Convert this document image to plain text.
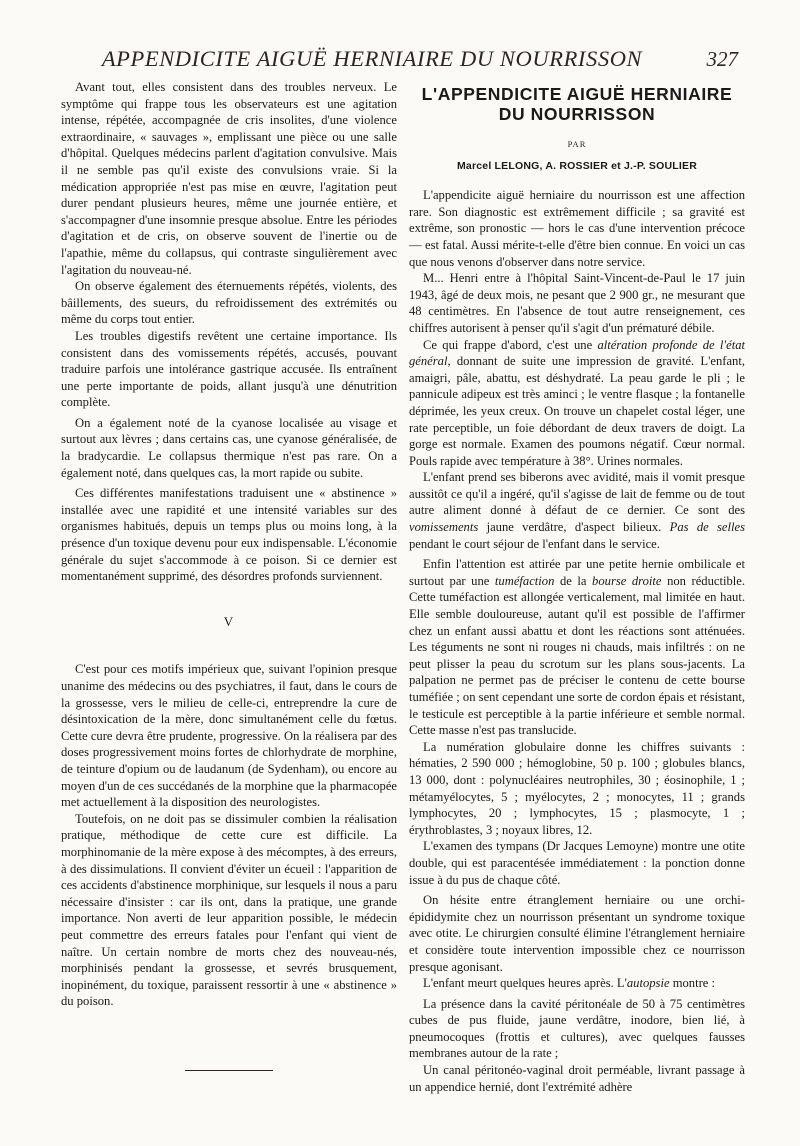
APPENDICITE AIGUË HERNIAIRE DU NOURRISSON	327

Avant tout, elles consistent dans des troubles nerveux. Le symptôme qui frappe tous les observateurs est une agitation intense, répétée, accompagnée de cris insolites, d'une violence extraordinaire, « sauvages », emplissant une pièce ou une salle d'hôpital. Quelques médecins parlent d'agitation convulsive. Mais il ne semble pas qu'il existe des convulsions vraie. Si la médication appropriée n'est pas mise en œuvre, l'agitation peut durer pendant plusieurs heures, même une journée entière, et s'accompagner d'une insomnie presque absolue. Entre les périodes d'agitation et de cris, on observe souvent de l'inertie ou de l'apathie, même du collapsus, qui contraste singulièrement avec l'agitation du nouveau-né.

On observe également des éternuements répétés, violents, des bâillements, des sueurs, du refroidissement des extrémités ou même du corps tout entier.

Les troubles digestifs revêtent une certaine importance. Ils consistent dans des vomissements répétés, accusés, pouvant traduire parfois une intolérance gastrique accusée. Ils entraînent une perte importante de poids, allant jusqu'à une dénutrition complète.

On a également noté de la cyanose localisée au visage et surtout aux lèvres ; dans certains cas, une cyanose généralisée, de la bradycardie. Le collapsus thermique n'est pas rare. On a également noté, dans quelques cas, la mort rapide ou subite.

Ces différentes manifestations traduisent une « abstinence » installée avec une rapidité et une intensité variables sur des organismes habitués, depuis un temps plus ou moins long, à la présence d'un toxique devenu pour eux indispensable. L'économie générale du sujet s'accommode à ce poison. Si ce dernier est momentanément supprimé, des désordres profonds surviennent.

V

C'est pour ces motifs impérieux que, suivant l'opinion presque unanime des médecins ou des psychiatres, il faut, dans le cours de la grossesse, vers le milieu de celle-ci, entreprendre la cure de désintoxication de la mère, donc simultanément celle du fœtus. Cette cure devra être prudente, progressive. On la réalisera par des doses progressivement moins fortes de chlorhydrate de morphine, de teinture d'opium ou de laudanum (de Sydenham), ou encore au moyen d'un de ces succédanés de la morphine que la pharmacopée met actuellement à la disposition des neurologistes.

Toutefois, on ne doit pas se dissimuler combien la réalisation pratique, méthodique de cette cure est difficile. La morphinomanie de la mère expose à des mécomptes, à des erreurs, à des dissimulations. Il convient d'éviter un écueil : l'apparition de ces accidents d'abstinence morphinique, sur lesquels il nous a paru nécessaire d'insister : car ils ont, dans la pratique, une grande importance. Non averti de leur apparition possible, le médecin peut commettre des erreurs fatales pour l'enfant qui vient de naître. Un certain nombre de morts chez des nouveau-nés, morphinisés pendant la grossesse, et sevrés brusquement, inopinément, du toxique, paraissent ressortir à une « abstinence » du poison.

L'APPENDICITE AIGUË HERNIAIRE DU NOURRISSON
PAR
Marcel LELONG, A. ROSSIER et J.-P. SOULIER

L'appendicite aiguë herniaire du nourrisson est une affection rare. Son diagnostic est extrêmement difficile ; sa gravité est extrême, son pronostic — hors le cas d'une intervention précoce — est fatal. Aussi mérite-t-elle d'être bien connue. En voici un cas que nous venons d'observer dans notre service.

M... Henri entre à l'hôpital Saint-Vincent-de-Paul le 17 juin 1943, âgé de deux mois, ne pesant que 2 900 gr., ne mesurant que 48 centimètres. En l'absence de tout autre renseignement, ces chiffres autorisent à penser qu'il s'agit d'un prématuré débile.

Ce qui frappe d'abord, c'est une altération profonde de l'état général, donnant de suite une impression de gravité. L'enfant, amaigri, pâle, abattu, est déshydraté. La peau garde le pli ; le pannicule adipeux est très aminci ; le ventre flasque ; la fontanelle déprimée, les yeux creux. On trouve un chapelet costal léger, une rate perceptible, un foie débordant de deux travers de doigt. La gorge est normale. Examen des poumons négatif. Cœur normal. Pouls rapide avec température à 38°. Urines normales.

L'enfant prend ses biberons avec avidité, mais il vomit presque aussitôt ce qu'il a ingéré, qu'il s'agisse de lait de femme ou de tout autre aliment donné à défaut de ce dernier. Ce sont des vomissements jaune verdâtre, d'aspect bilieux. Pas de selles pendant le court séjour de l'enfant dans le service.

Enfin l'attention est attirée par une petite hernie ombilicale et surtout par une tuméfaction de la bourse droite non réductible. Cette tuméfaction est allongée verticalement, mal limitée en haut. Elle semble douloureuse, autant qu'il est possible de l'affirmer chez un enfant aussi abattu et dont les réactions sont atténuées. Les téguments ne sont ni rouges ni chauds, mais infiltrés : on ne peut plisser la peau du scrotum sur les plans sous-jacents. La palpation ne permet pas de préciser le contenu de cette bourse tuméfiée ; on sent cependant une sorte de cordon épais et résistant, le testicule est perceptible à la partie inférieure et semble normal. Cette masse n'est pas translucide.

La numération globulaire donne les chiffres suivants : hématies, 2 590 000 ; hémoglobine, 50 p. 100 ; globules blancs, 13 000, dont : polynucléaires neutrophiles, 30 ; éosinophile, 1 ; métamyélocytes, 5 ; myélocytes, 2 ; monocytes, 11 ; grands lymphocytes, 20 ; lymphocytes, 15 ; plasmocyte, 1 ; érythroblastes, 3 ; noyaux libres, 12.

L'examen des tympans (Dr Jacques Lemoyne) montre une otite double, qui est paracentésée immédiatement : la ponction donne issue à du pus de chaque côté.

On hésite entre étranglement herniaire ou une orchi-épididymite chez un nourrisson présentant un syndrome toxique avec otite. Le chirurgien consulté élimine l'étranglement herniaire et considère toute intervention impossible chez ce nourrisson presque agonisant.

L'enfant meurt quelques heures après. L'autopsie montre :

La présence dans la cavité péritonéale de 50 à 75 centimètres cubes de pus fluide, jaune verdâtre, inodore, bien lié, à pneumocoques (frottis et cultures), avec quelques fausses membranes autour de la rate ;

Un canal péritonéo-vaginal droit perméable, livrant passage à un appendice hernié, dont l'extrémité adhère
